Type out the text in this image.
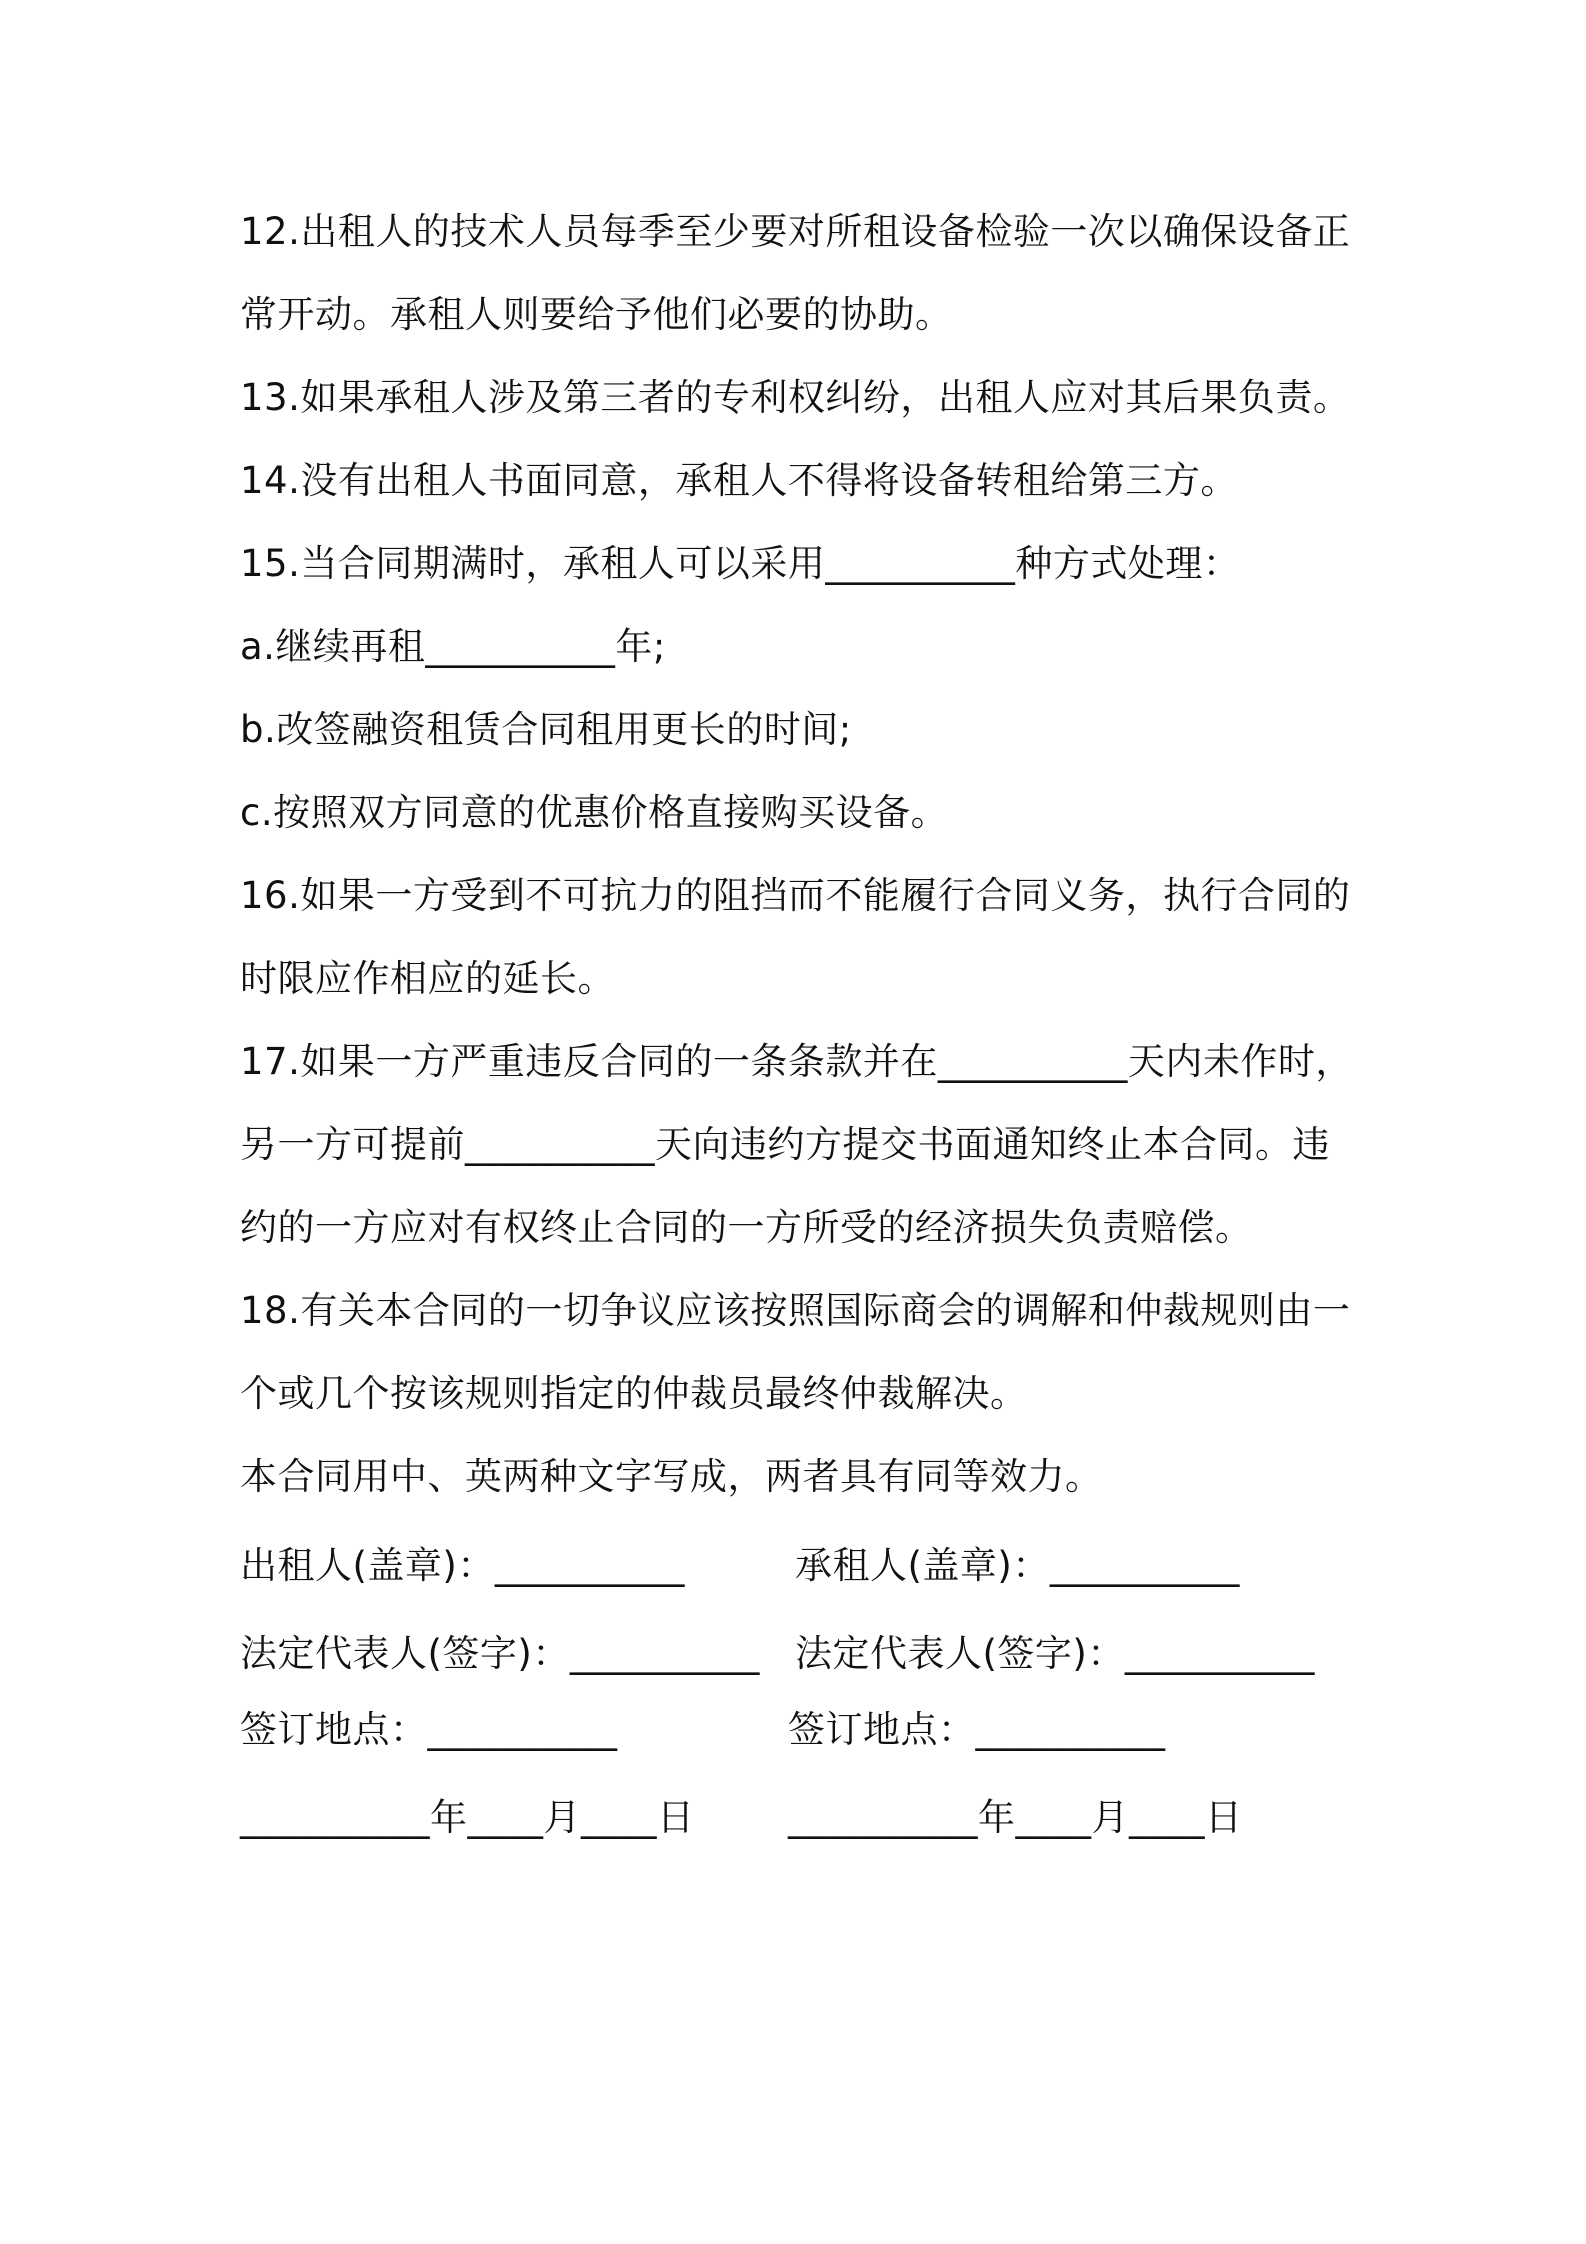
12.出租人的技术人员每季至少要对所租设备检验一次以确保设备正常开动。承租人则要给予他们必要的协助。

13.如果承租人涉及第三者的专利权纠纷，出租人应对其后果负责。

14.没有出租人书面同意，承租人不得将设备转租给第三方。

15.当合同期满时，承租人可以采用__________种方式处理：

a.继续再租__________年;

b.改签融资租赁合同租用更长的时间;

c.按照双方同意的优惠价格直接购买设备。

16.如果一方受到不可抗力的阻挡而不能履行合同义务，执行合同的时限应作相应的延长。

17.如果一方严重违反合同的一条条款并在__________天内未作时，另一方可提前__________天向违约方提交书面通知终止本合同。违约的一方应对有权终止合同的一方所受的经济损失负责赔偿。

18.有关本合同的一切争议应该按照国际商会的调解和仲裁规则由一个或几个按该规则指定的仲裁员最终仲裁解决。

本合同用中、英两种文字写成，两者具有同等效力。

出租人(盖章)：__________	承租人(盖章)：__________
法定代表人(签字)：__________ 法定代表人(签字)：__________
签订地点：__________	签订地点：__________
__________年____月____日	__________年____月____日
